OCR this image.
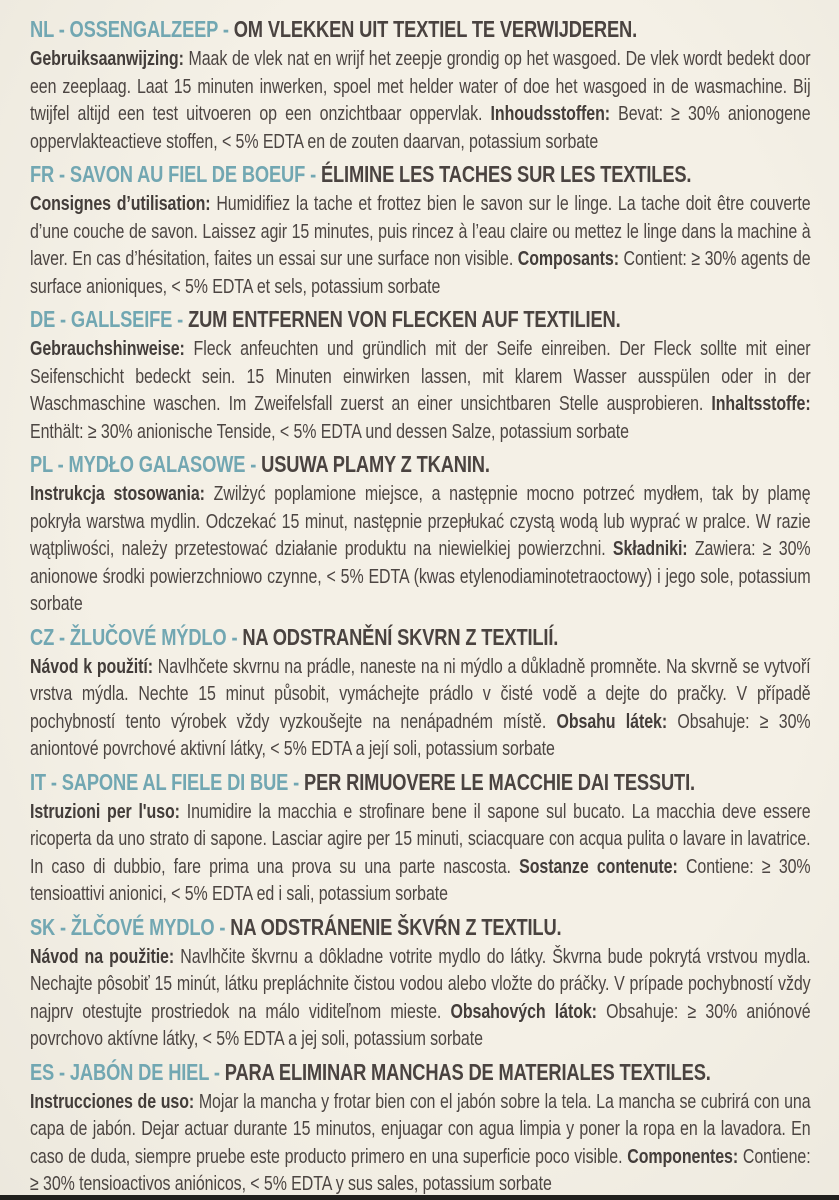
NL - OSSENGALZEEP - OM VLEKKEN UIT TEXTIEL TE VERWIJDEREN.

Gebruiksaanwijzing: Maak de vlek nat en wrijf het zeepje grondig op het wasgoed. De vlek wordt bedekt door een zeeplaag. Laat 15 minuten inwerken, spoel met helder water of doe het wasgoed in de wasmachine. Bij twijfel altijd een test uitvoeren op een onzichtbaar oppervlak. Inhoudsstoffen: Bevat: ≥ 30% anionogene oppervlakteactieve stoffen, < 5% EDTA en de zouten daarvan, potassium sorbate

FR - SAVON AU FIEL DE BOEUF - ÉLIMINE LES TACHES SUR LES TEXTILES.

Consignes d’utilisation: Humidifiez la tache et frottez bien le savon sur le linge. La tache doit être couverte d’une couche de savon. Laissez agir 15 minutes, puis rincez à l’eau claire ou mettez le linge dans la machine à laver. En cas d’hésitation, faites un essai sur une surface non visible. Composants: Contient: ≥ 30% agents de surface anioniques, < 5% EDTA et sels, potassium sorbate

DE - GALLSEIFE - ZUM ENTFERNEN VON FLECKEN AUF TEXTILIEN.

Gebrauchshinweise: Fleck anfeuchten und gründlich mit der Seife einreiben. Der Fleck sollte mit einer Seifenschicht bedeckt sein. 15 Minuten einwirken lassen, mit klarem Wasser ausspülen oder in der Waschmaschine waschen. Im Zweifelsfall zuerst an einer unsichtbaren Stelle ausprobieren. Inhaltsstoffe: Enthält: ≥ 30% anionische Tenside, < 5% EDTA und dessen Salze, potassium sorbate

PL - MYDŁO GALASOWE - USUWA PLAMY Z TKANIN.

Instrukcja stosowania: Zwilżyć poplamione miejsce, a następnie mocno potrzeć mydłem, tak by plamę pokryła warstwa mydlin. Odczekać 15 minut, następnie przepłukać czystą wodą lub wyprać w pralce. W razie wątpliwości, należy przetestować działanie produktu na niewielkiej powierzchni. Składniki: Zawiera: ≥ 30% anionowe środki powierzchniowo czynne, < 5% EDTA (kwas etylenodiaminotetraoctowy) i jego sole, potassium sorbate

CZ - ŽLUČOVÉ MÝDLO - NA ODSTRANĚNÍ SKVRN Z TEXTILIÍ.

Návod k použití: Navlhčete skvrnu na prádle, naneste na ni mýdlo a důkladně promněte. Na skvrně se vytvoří vrstva mýdla. Nechte 15 minut působit, vymáchejte prádlo v čisté vodě a dejte do pračky. V případě pochybností tento výrobek vždy vyzkoušejte na nenápadném místě. Obsahu látek: Obsahuje: ≥ 30% aniontové povrchové aktivní látky, < 5% EDTA a její soli, potassium sorbate

IT - SAPONE AL FIELE DI BUE - PER RIMUOVERE LE MACCHIE DAI TESSUTI.

Istruzioni per l'uso: Inumidire la macchia e strofinare bene il sapone sul bucato. La macchia deve essere ricoperta da uno strato di sapone. Lasciar agire per 15 minuti, sciacquare con acqua pulita o lavare in lavatrice. In caso di dubbio, fare prima una prova su una parte nascosta. Sostanze contenute: Contiene: ≥ 30% tensioattivi anionici, < 5% EDTA ed i sali, potassium sorbate

SK - ŽLČOVÉ MYDLO - NA ODSTRÁNENIE ŠKVŔN Z TEXTILU.

Návod na použitie: Navlhčite škvrnu a dôkladne votrite mydlo do látky. Škvrna bude pokrytá vrstvou mydla. Nechajte pôsobiť 15 minút, látku prepláchnite čistou vodou alebo vložte do práčky. V prípade pochybností vždy najprv otestujte prostriedok na málo viditeľnom mieste. Obsahových látok: Obsahuje: ≥ 30% aniónové povrchovo aktívne látky, < 5% EDTA a jej soli, potassium sorbate

ES - JABÓN DE HIEL - PARA ELIMINAR MANCHAS DE MATERIALES TEXTILES.

Instrucciones de uso: Mojar la mancha y frotar bien con el jabón sobre la tela. La mancha se cubrirá con una capa de jabón. Dejar actuar durante 15 minutos, enjuagar con agua limpia y poner la ropa en la lavadora. En caso de duda, siempre pruebe este producto primero en una superficie poco visible. Componentes: Contiene: ≥ 30% tensioactivos aniónicos, < 5% EDTA y sus sales, potassium sorbate
